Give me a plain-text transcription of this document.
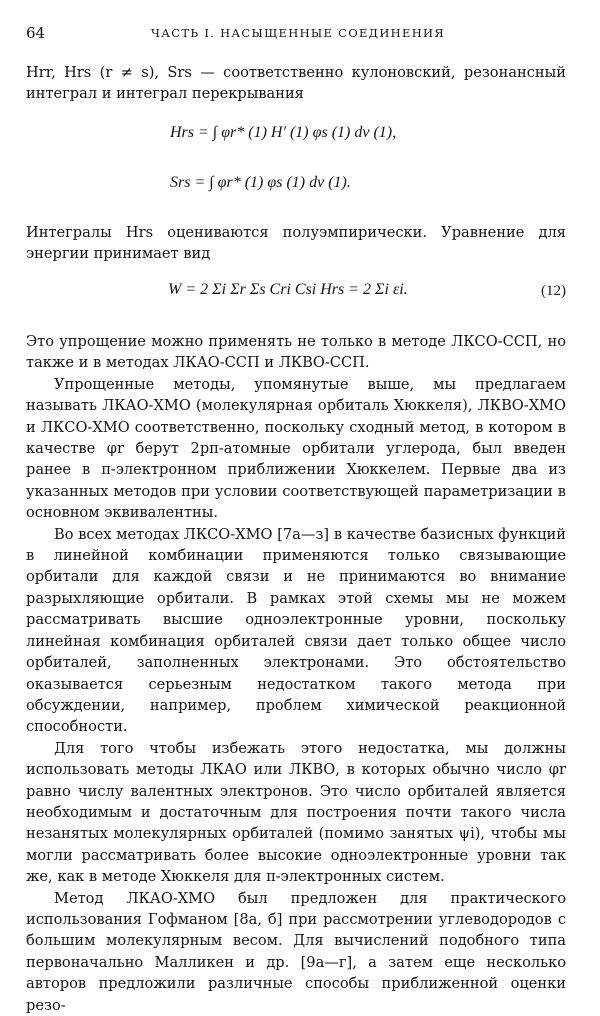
64	ЧАСТЬ I. НАСЫЩЕННЫЕ СОЕДИНЕНИЯ

Hrr, Hrs (r ≠ s), Srs — соответственно кулоновский, резонансный

интеграл и интеграл перекрывания

Hrs = ∫ φr* (1) H′ (1) φs (1) dv (1),
Srs = ∫ φr* (1) φs (1) dv (1).

Интегралы Hrs оцениваются полуэмпирически. Уравнение для энергии принимает вид

W = 2 Σi Σr Σs Cri Csi Hrs = 2 Σi εi.	(12)

Это упрощение можно применять не только в методе ЛКСО-ССП, но также и в методах ЛКАО-ССП и ЛКВО-ССП.

Упрощенные методы, упомянутые выше, мы предлагаем называть ЛКАО-ХМО (молекулярная орбиталь Хюккеля), ЛКВО-ХМО и ЛКСО-ХМО соответственно, поскольку сходный метод, в котором в качестве φr берут 2pπ-атомные орбитали углерода, был введен ранее в π-электронном приближении Хюккелем. Первые два из указанных методов при условии соответствующей параметризации в основном эквивалентны.

Во всех методах ЛКСО-ХМО [7а—з] в качестве базисных функций в линейной комбинации применяются только связывающие орбитали для каждой связи и не принимаются во внимание разрыхляющие орбитали. В рамках этой схемы мы не можем рассматривать высшие одноэлектронные уровни, поскольку линейная комбинация орбиталей связи дает только общее число орбиталей, заполненных электронами. Это обстоятельство оказывается серьезным недостатком такого метода при обсуждении, например, проблем химической реакционной способности.

Для того чтобы избежать этого недостатка, мы должны использовать методы ЛКАО или ЛКВО, в которых обычно число φr равно числу валентных электронов. Это число орбиталей является необходимым и достаточным для построения почти такого числа незанятых молекулярных орбиталей (помимо занятых ψi), чтобы мы могли рассматривать более высокие одноэлектронные уровни так же, как в методе Хюккеля для π-электронных систем.

Метод ЛКАО-ХМО был предложен для практического использования Гофманом [8а, б] при рассмотрении углеводородов с большим молекулярным весом. Для вычислений подобного типа первоначально Малликен и др. [9а—г], а затем еще несколько авторов предложили различные способы приближенной оценки резо-
